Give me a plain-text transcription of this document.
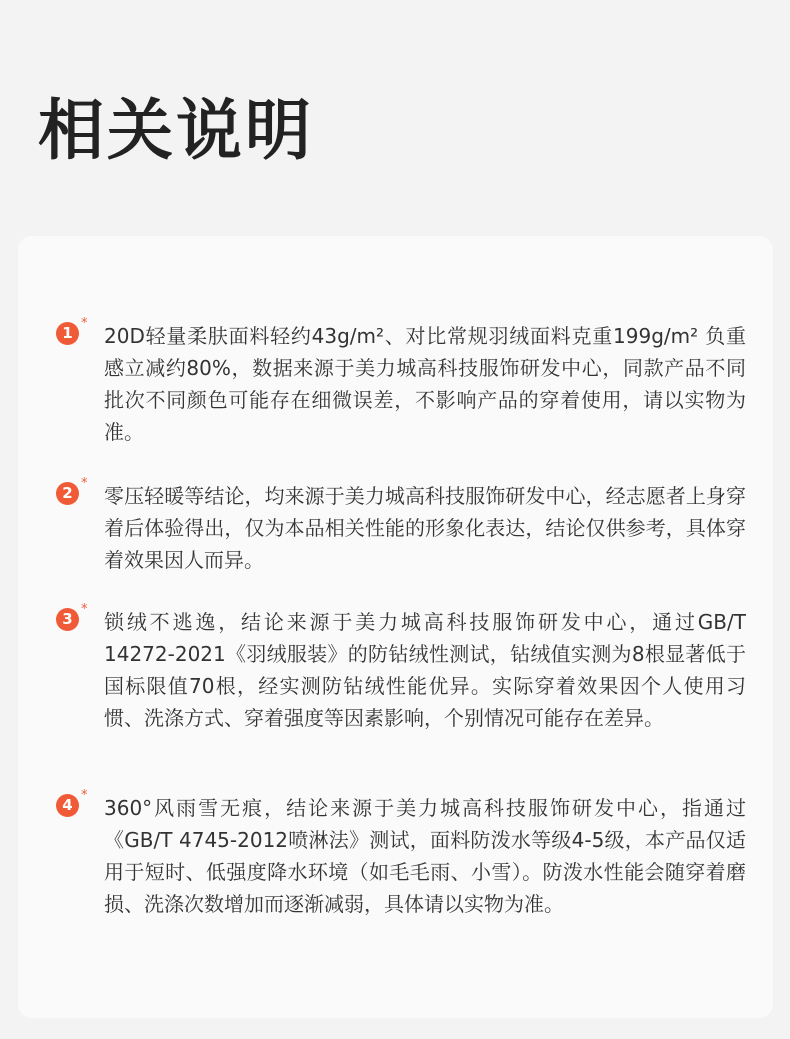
相关说明
1
*

20D轻量柔肤面料轻约43g/m²、对比常规羽绒面料克重199g/m² 负重感立减约80%，数据来源于美力城高科技服饰研发中心，同款产品不同批次不同颜色可能存在细微误差，不影响产品的穿着使用，请以实物为准。

2
*

零压轻暖等结论，均来源于美力城高科技服饰研发中心，经志愿者上身穿着后体验得出，仅为本品相关性能的形象化表达，结论仅供参考，具体穿着效果因人而异。

3
*

锁绒不逃逸，结论来源于美力城高科技服饰研发中心，通过GB/T 14272-2021《羽绒服装》的防钻绒性测试，钻绒值实测为8根显著低于国标限值70根，经实测防钻绒性能优异。实际穿着效果因个人使用习惯、洗涤方式、穿着强度等因素影响，个别情况可能存在差异。

4
*

360°风雨雪无痕，结论来源于美力城高科技服饰研发中心，指通过《GB/T 4745-2012喷淋法》测试，面料防泼水等级4-5级，本产品仅适用于短时、低强度降水环境（如毛毛雨、小雪）。防泼水性能会随穿着磨损、洗涤次数增加而逐渐减弱，具体请以实物为准。
